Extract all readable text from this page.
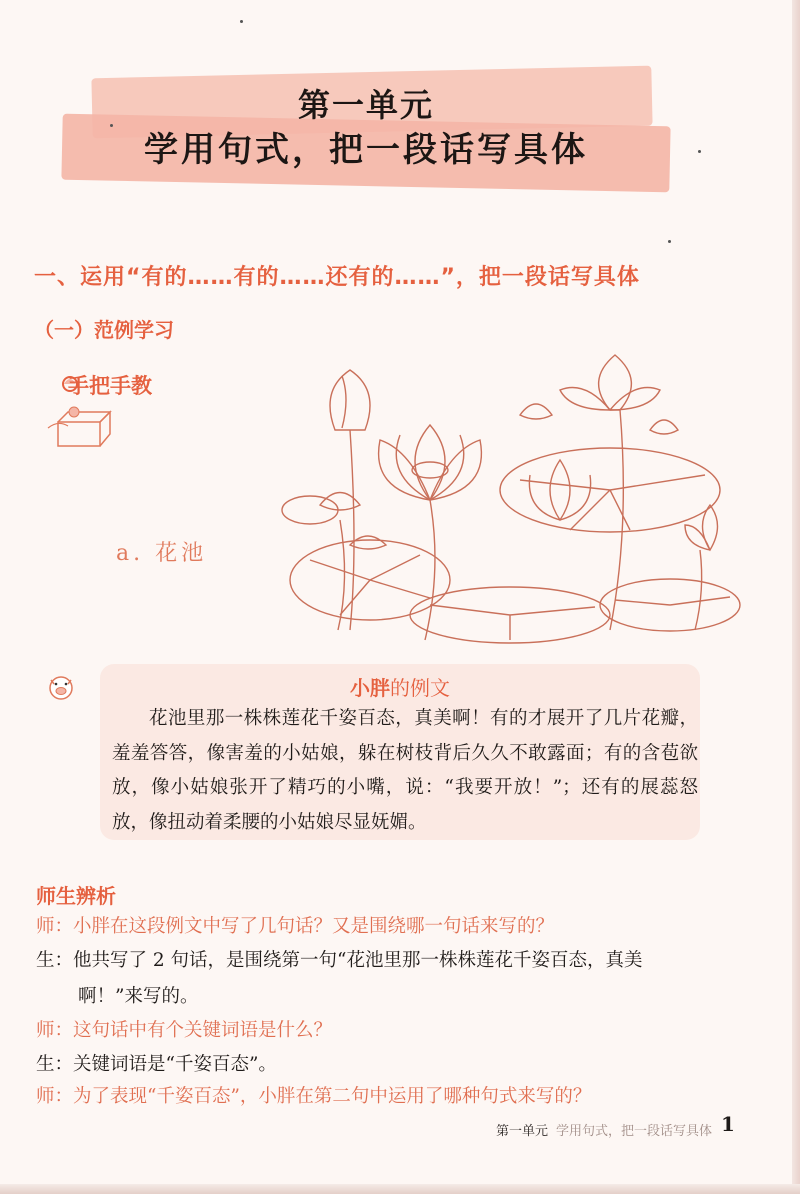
第一单元
学用句式，把一段话写具体
一、运用“有的……有的……还有的……”，把一段话写具体
（一）范例学习
手把手教
a. 花池
小胖的例文
花池里那一株株莲花千姿百态，真美啊！有的才展开了几片花瓣，羞羞答答，像害羞的小姑娘，躲在树枝背后久久不敢露面；有的含苞欲放，像小姑娘张开了精巧的小嘴，说：“我要开放！”；还有的展蕊怒放，像扭动着柔腰的小姑娘尽显妩媚。
师生辨析
师：小胖在这段例文中写了几句话？又是围绕哪一句话来写的？
生：他共写了 2 句话，是围绕第一句“花池里那一株株莲花千姿百态，真美
啊！”来写的。
师：这句话中有个关键词语是什么？
生：关键词语是“千姿百态”。
师：为了表现“千姿百态”，小胖在第二句中运用了哪种句式来写的？
第一单元 学用句式，把一段话写具体 1
